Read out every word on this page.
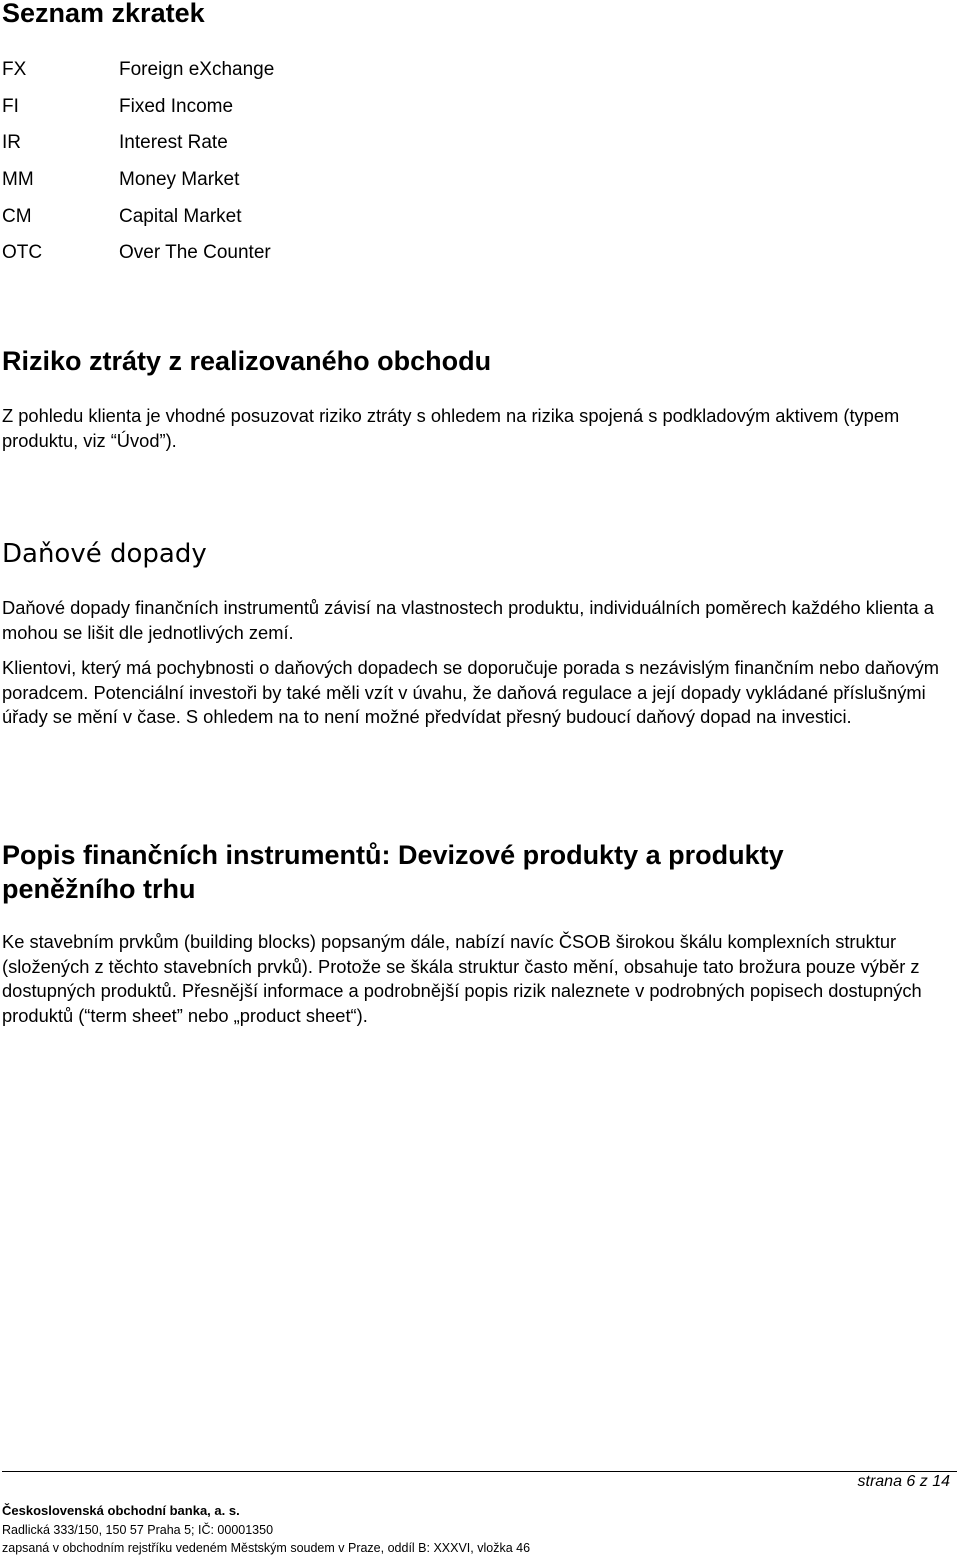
Seznam zkratek
FX	Foreign eXchange
FI	Fixed Income
IR	Interest Rate
MM	Money Market
CM	Capital Market
OTC	Over The Counter
Riziko ztráty z realizovaného obchodu

Z pohledu klienta je vhodné posuzovat riziko ztráty s ohledem na rizika spojená s podkladovým aktivem (typem produktu, viz “Úvod”).

Daňové dopady

Daňové dopady finančních instrumentů závisí na vlastnostech produktu, individuálních poměrech každého klienta a mohou se lišit dle jednotlivých zemí.

Klientovi, který má pochybnosti o daňových dopadech se doporučuje porada s nezávislým finančním nebo daňovým poradcem. Potenciální investoři by také měli vzít v úvahu, že daňová regulace a její dopady vykládané příslušnými úřady se mění v čase. S ohledem na to není možné předvídat přesný budoucí daňový dopad na investici.

Popis finančních instrumentů: Devizové produkty a produkty peněžního trhu

Ke stavebním prvkům (building blocks) popsaným dále, nabízí navíc ČSOB širokou škálu komplexních struktur (složených z těchto stavebních prvků). Protože se škála struktur často mění, obsahuje tato brožura pouze výběr z dostupných produktů. Přesnější informace a podrobnější popis rizik naleznete v podrobných popisech dostupných produktů (“term sheet” nebo „product sheet“).

strana 6 z 14
Československá obchodní banka, a. s.
Radlická 333/150, 150 57 Praha 5; IČ: 00001350
zapsaná v obchodním rejstříku vedeném Městským soudem v Praze, oddíl B: XXXVI, vložka 46
